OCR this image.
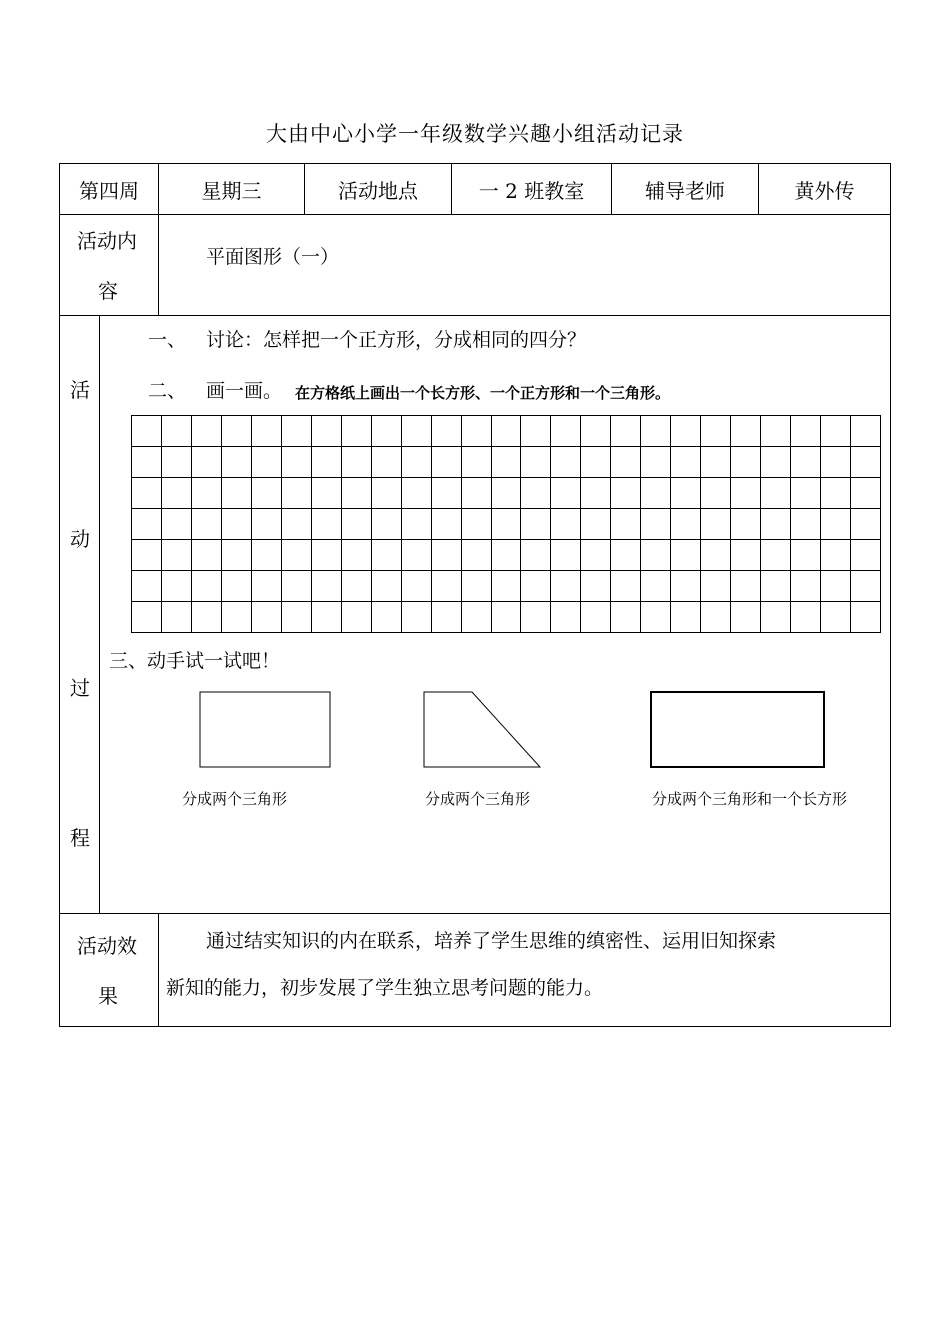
大由中心小学一年级数学兴趣小组活动记录
第四周	星期三	活动地点	一 2 班教室	辅导老师	黄外传
活动内
容
平面图形（一）
活
动
过
程
一、 讨论：怎样把一个正方形，分成相同的四分？
二、 画一画。 在方格纸上画出一个长方形、一个正方形和一个三角形。
三、动手试一试吧！
分成两个三角形	分成两个三角形	分成两个三角形和一个长方形
活动效
果
通过结实知识的内在联系，培养了学生思维的缜密性、运用旧知探索
新知的能力，初步发展了学生独立思考问题的能力。
